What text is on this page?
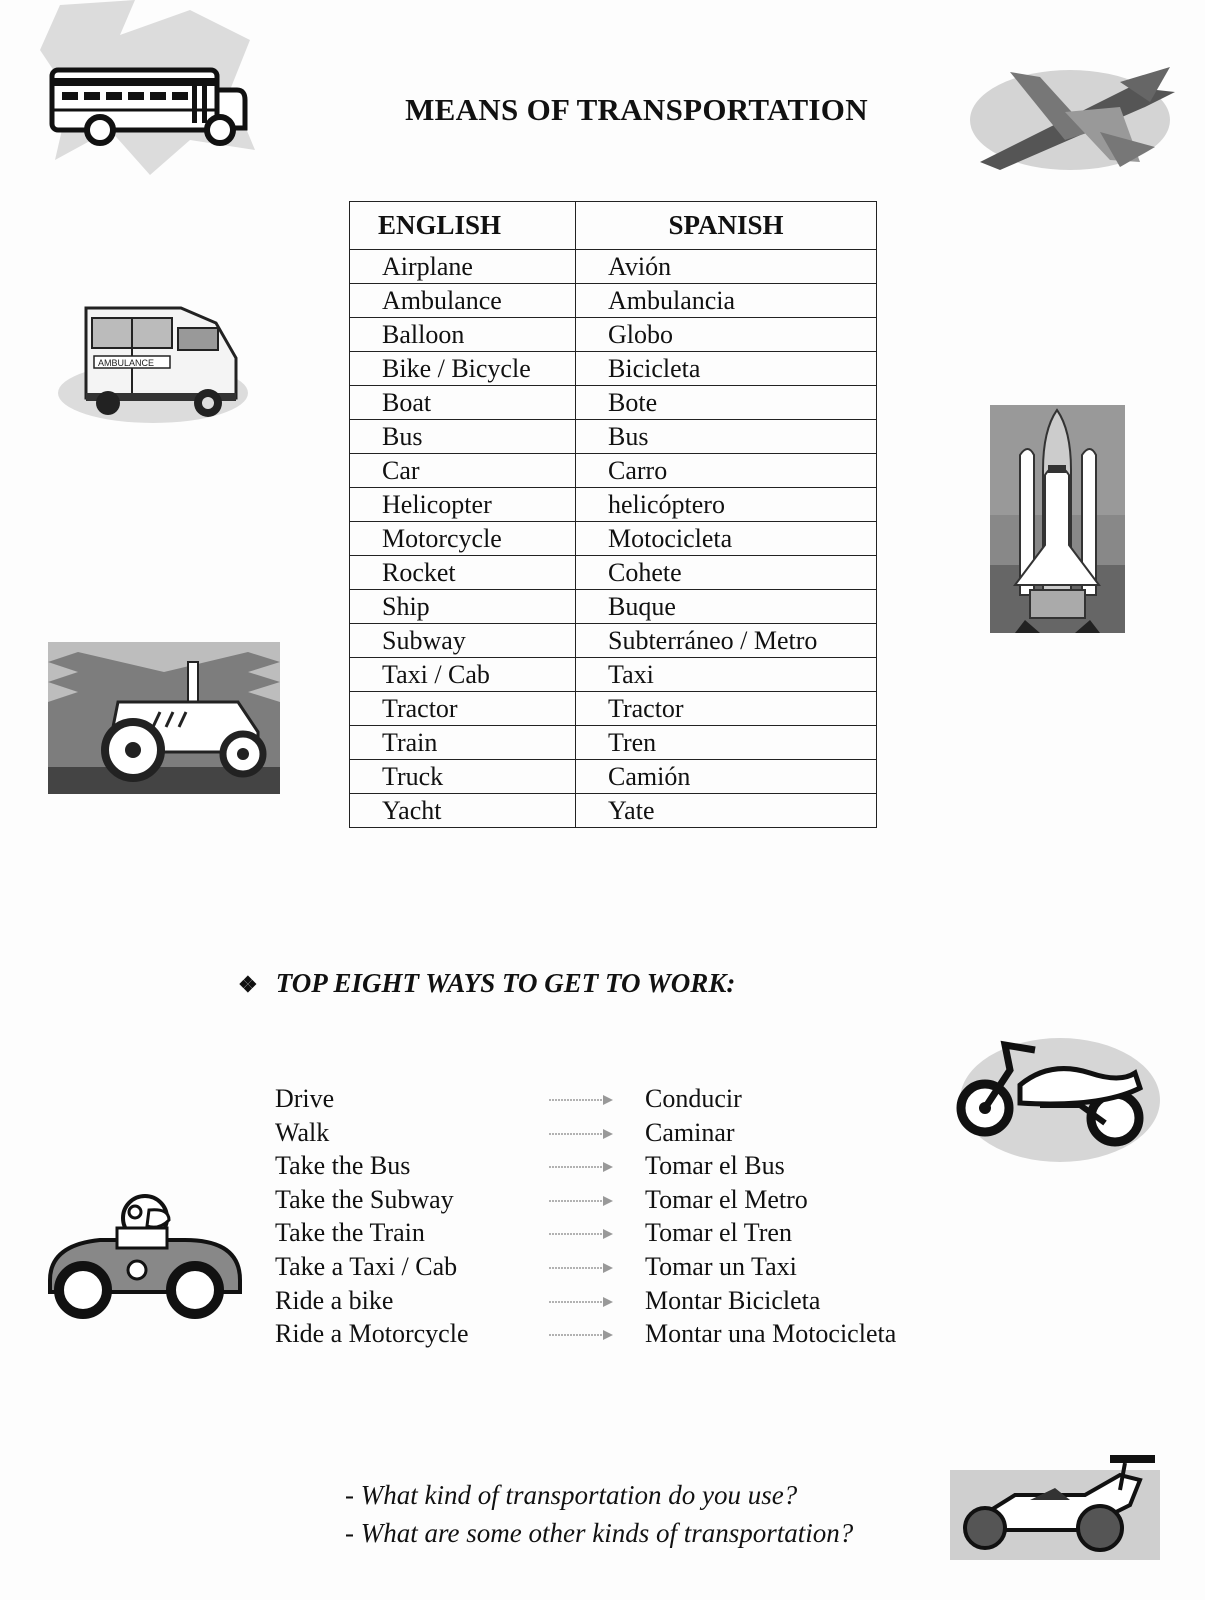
AMBULANCE
MEANS OF TRANSPORTATION
ENGLISH	SPANISH
Airplane	Avión
Ambulance	Ambulancia
Balloon	Globo
Bike / Bicycle	Bicicleta
Boat	Bote
Bus	Bus
Car	Carro
Helicopter	helicóptero
Motorcycle	Motocicleta
Rocket	Cohete
Ship	Buque
Subway	Subterráneo / Metro
Taxi / Cab	Taxi
Tractor	Tractor
Train	Tren
Truck	Camión
Yacht	Yate
❖ TOP EIGHT WAYS TO GET TO WORK:
Drive	Conducir
Walk	Caminar
Take the Bus	Tomar el Bus
Take the Subway	Tomar el Metro
Take the Train	Tomar el Tren
Take a Taxi / Cab	Tomar un Taxi
Ride a bike	Montar Bicicleta
Ride a Motorcycle	Montar una Motocicleta
- What kind of transportation do you use?
- What are some other kinds of transportation?
